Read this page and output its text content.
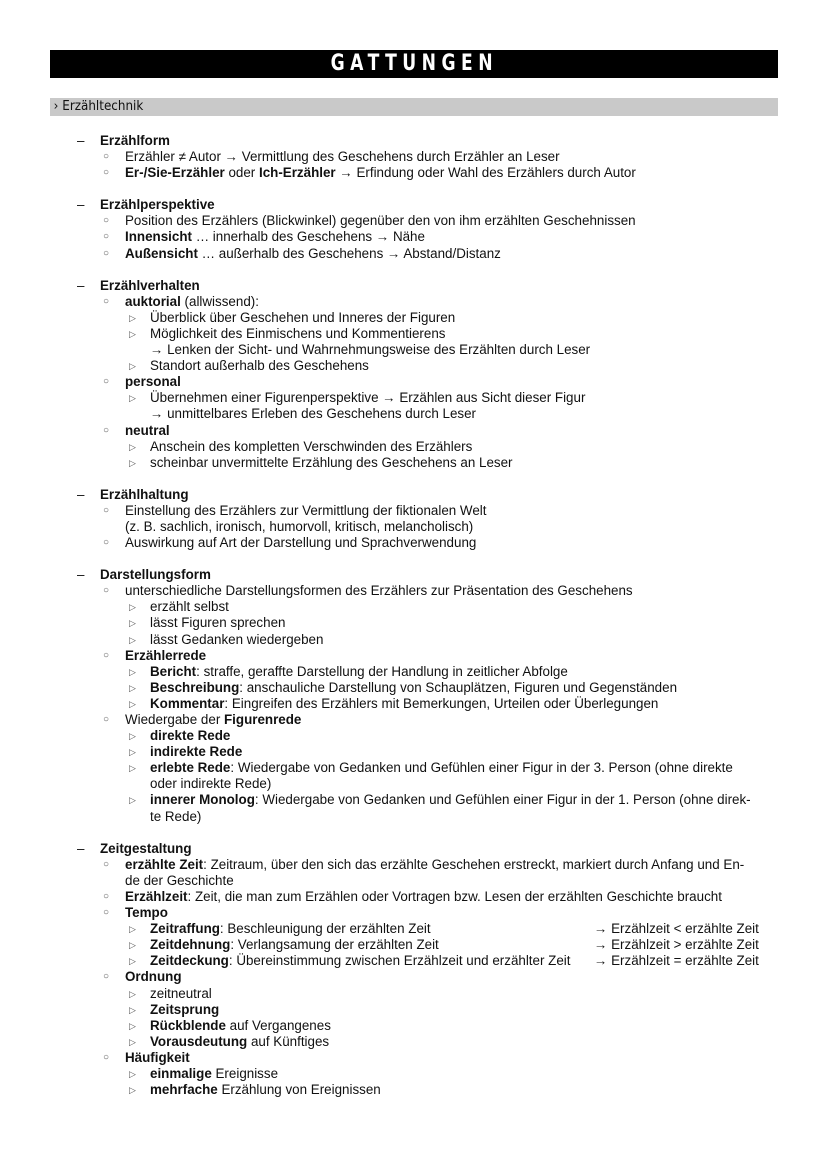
GATTUNGEN
› Erzähltechnik
– Erzählform
○ Erzähler ≠ Autor → Vermittlung des Geschehens durch Erzähler an Leser
○ Er-/Sie-Erzähler oder Ich-Erzähler → Erfindung oder Wahl des Erzählers durch Autor
– Erzählperspektive
○ Position des Erzählers (Blickwinkel) gegenüber den von ihm erzählten Geschehnissen
○ Innensicht … innerhalb des Geschehens → Nähe
○ Außensicht … außerhalb des Geschehens → Abstand/Distanz
– Erzählverhalten
○ auktorial (allwissend):
▷ Überblick über Geschehen und Inneres der Figuren
▷ Möglichkeit des Einmischens und Kommentierens
→ Lenken der Sicht- und Wahrnehmungsweise des Erzählten durch Leser
▷ Standort außerhalb des Geschehens
○ personal
▷ Übernehmen einer Figurenperspektive → Erzählen aus Sicht dieser Figur
→ unmittelbares Erleben des Geschehens durch Leser
○ neutral
▷ Anschein des kompletten Verschwinden des Erzählers
▷ scheinbar unvermittelte Erzählung des Geschehens an Leser
– Erzählhaltung
○ Einstellung des Erzählers zur Vermittlung der fiktionalen Welt
(z. B. sachlich, ironisch, humorvoll, kritisch, melancholisch)
○ Auswirkung auf Art der Darstellung und Sprachverwendung
– Darstellungsform
○ unterschiedliche Darstellungsformen des Erzählers zur Präsentation des Geschehens
▷ erzählt selbst
▷ lässt Figuren sprechen
▷ lässt Gedanken wiedergeben
○ Erzählerrede
▷ Bericht: straffe, geraffte Darstellung der Handlung in zeitlicher Abfolge
▷ Beschreibung: anschauliche Darstellung von Schauplätzen, Figuren und Gegenständen
▷ Kommentar: Eingreifen des Erzählers mit Bemerkungen, Urteilen oder Überlegungen
○ Wiedergabe der Figurenrede
▷ direkte Rede
▷ indirekte Rede
▷ erlebte Rede: Wiedergabe von Gedanken und Gefühlen einer Figur in der 3. Person (ohne direkte
oder indirekte Rede)
▷ innerer Monolog: Wiedergabe von Gedanken und Gefühlen einer Figur in der 1. Person (ohne direk-
te Rede)
– Zeitgestaltung
○ erzählte Zeit: Zeitraum, über den sich das erzählte Geschehen erstreckt, markiert durch Anfang und En-
de der Geschichte
○ Erzählzeit: Zeit, die man zum Erzählen oder Vortragen bzw. Lesen der erzählten Geschichte braucht
○ Tempo
▷ Zeitraffung: Beschleunigung der erzählten Zeit	→ Erzählzeit < erzählte Zeit
▷ Zeitdehnung: Verlangsamung der erzählten Zeit	→ Erzählzeit > erzählte Zeit
▷ Zeitdeckung: Übereinstimmung zwischen Erzählzeit und erzählter Zeit → Erzählzeit = erzählte Zeit
○ Ordnung
▷ zeitneutral
▷ Zeitsprung
▷ Rückblende auf Vergangenes
▷ Vorausdeutung auf Künftiges
○ Häufigkeit
▷ einmalige Ereignisse
▷ mehrfache Erzählung von Ereignissen
